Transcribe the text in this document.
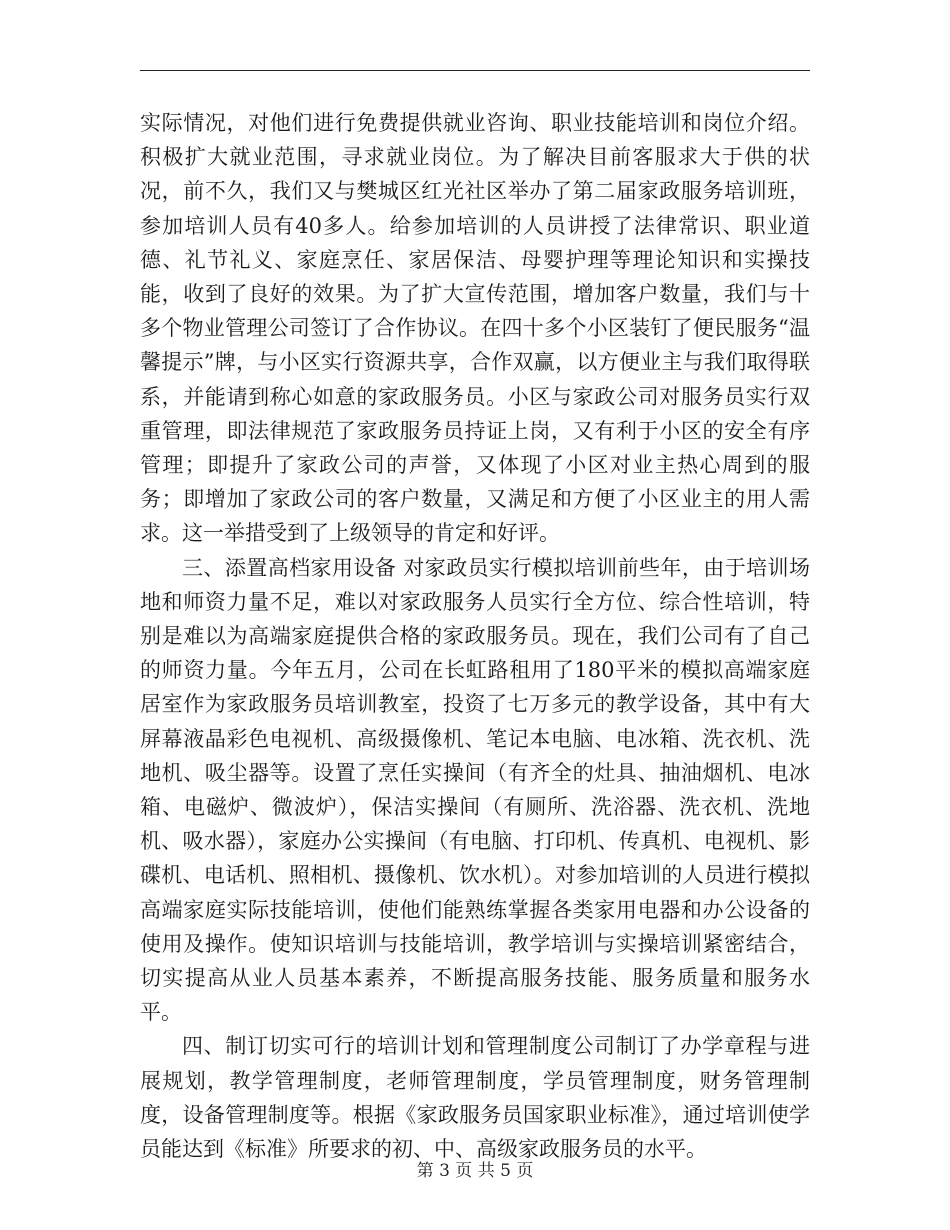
实际情况，对他们进行免费提供就业咨询、职业技能培训和岗位介绍。积极扩大就业范围，寻求就业岗位。为了解决目前客服求大于供的状况，前不久，我们又与樊城区红光社区举办了第二届家政服务培训班，参加培训人员有40多人。给参加培训的人员讲授了法律常识、职业道德、礼节礼义、家庭烹任、家居保洁、母婴护理等理论知识和实操技能，收到了良好的效果。为了扩大宣传范围，增加客户数量，我们与十多个物业管理公司签订了合作协议。在四十多个小区装钉了便民服务“温馨提示”牌，与小区实行资源共享，合作双赢，以方便业主与我们取得联系，并能请到称心如意的家政服务员。小区与家政公司对服务员实行双重管理，即法律规范了家政服务员持证上岗，又有利于小区的安全有序管理；即提升了家政公司的声誉，又体现了小区对业主热心周到的服务；即增加了家政公司的客户数量，又满足和方便了小区业主的用人需求。这一举措受到了上级领导的肯定和好评。

三、添置高档家用设备 对家政员实行模拟培训前些年，由于培训场地和师资力量不足，难以对家政服务人员实行全方位、综合性培训，特别是难以为高端家庭提供合格的家政服务员。现在，我们公司有了自己的师资力量。今年五月，公司在长虹路租用了180平米的模拟高端家庭居室作为家政服务员培训教室，投资了七万多元的教学设备，其中有大屏幕液晶彩色电视机、高级摄像机、笔记本电脑、电冰箱、洗衣机、洗地机、吸尘器等。设置了烹任实操间（有齐全的灶具、抽油烟机、电冰箱、电磁炉、微波炉），保洁实操间（有厕所、洗浴器、洗衣机、洗地机、吸水器），家庭办公实操间（有电脑、打印机、传真机、电视机、影碟机、电话机、照相机、摄像机、饮水机）。对参加培训的人员进行模拟高端家庭实际技能培训，使他们能熟练掌握各类家用电器和办公设备的使用及操作。使知识培训与技能培训，教学培训与实操培训紧密结合，切实提高从业人员基本素养，不断提高服务技能、服务质量和服务水平。

四、制订切实可行的培训计划和管理制度公司制订了办学章程与进展规划，教学管理制度，老师管理制度，学员管理制度，财务管理制度，设备管理制度等。根据《家政服务员国家职业标准》，通过培训使学员能达到《标准》所要求的初、中、高级家政服务员的水平。

第 3 页 共 5 页
